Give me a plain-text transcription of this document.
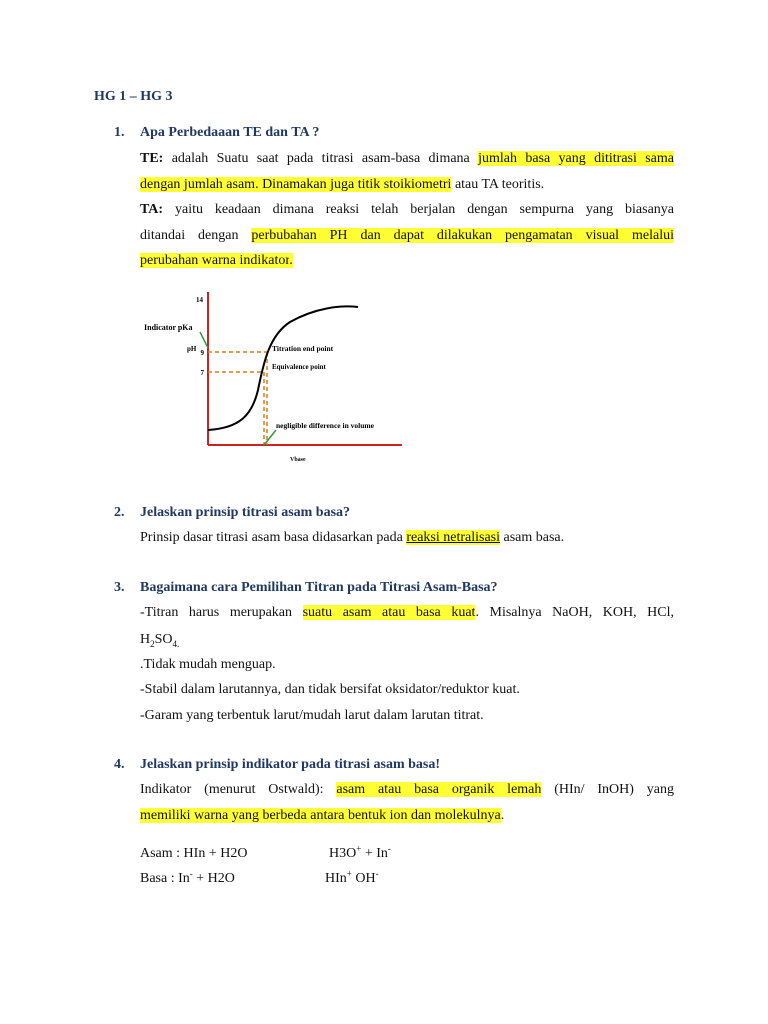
HG 1 – HG 3
1. Apa Perbedaaan TE dan TA ?
TE: adalah Suatu saat pada titrasi asam-basa dimana jumlah basa yang dititrasi sama
dengan jumlah asam. Dinamakan juga titik stoikiometri atau TA teoritis.
TA: yaitu keadaan dimana reaksi telah berjalan dengan sempurna yang biasanya
ditandai dengan perbubahan PH dan dapat dilakukan pengamatan visual melalui
perubahan warna indikator.
14
Indicator pKa
pH 9
7
Titration end point
Equivalence point
negligible difference in volume
Vbase
2. Jelaskan prinsip titrasi asam basa?
Prinsip dasar titrasi asam basa didasarkan pada reaksi netralisasi asam basa.
3. Bagaimana cara Pemilihan Titran pada Titrasi Asam-Basa?
-Titran harus merupakan suatu asam atau basa kuat. Misalnya NaOH, KOH, HCl,
$H_2SO_{4.}$
.Tidak mudah menguap.
-Stabil dalam larutannya, dan tidak bersifat oksidator/reduktor kuat.
-Garam yang terbentuk larut/mudah larut dalam larutan titrat.
4. Jelaskan prinsip indikator pada titrasi asam basa!
Indikator (menurut Ostwald): asam atau basa organik lemah (HIn/ InOH) yang
memiliki warna yang berbeda antara bentuk ion dan molekulnya.
Asam : HIn + H2O	H3O+ + In-
Basa : In- + H2O	HIn+ OH-
